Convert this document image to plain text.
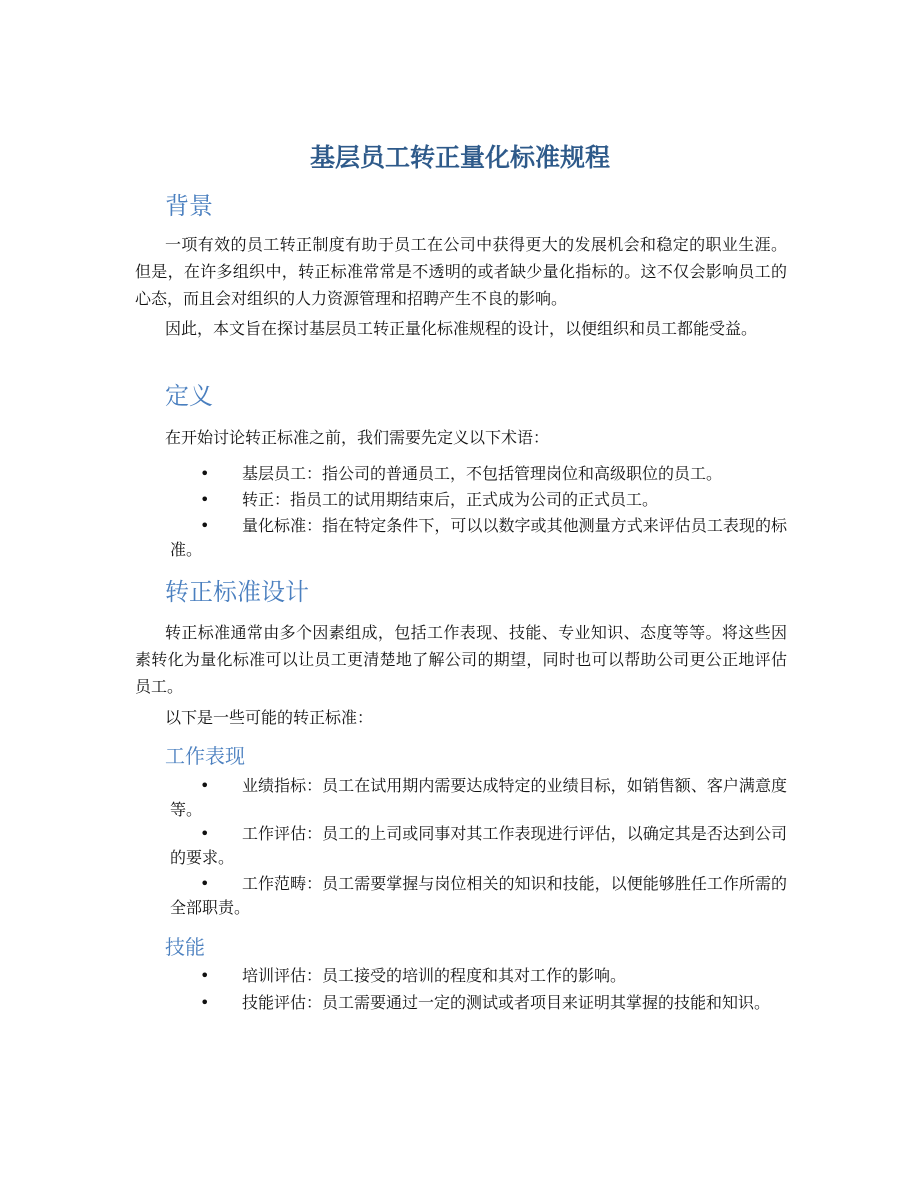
基层员工转正量化标准规程
背景

一项有效的员工转正制度有助于员工在公司中获得更大的发展机会和稳定的职业生涯。但是，在许多组织中，转正标准常常是不透明的或者缺少量化指标的。这不仅会影响员工的心态，而且会对组织的人力资源管理和招聘产生不良的影响。

因此，本文旨在探讨基层员工转正量化标准规程的设计，以便组织和员工都能受益。

定义

在开始讨论转正标准之前，我们需要先定义以下术语：

•	基层员工：指公司的普通员工，不包括管理岗位和高级职位的员工。
•	转正：指员工的试用期结束后，正式成为公司的正式员工。
•	量化标准：指在特定条件下，可以以数字或其他测量方式来评估员工表现的标准。
转正标准设计

转正标准通常由多个因素组成，包括工作表现、技能、专业知识、态度等等。将这些因素转化为量化标准可以让员工更清楚地了解公司的期望，同时也可以帮助公司更公正地评估员工。

以下是一些可能的转正标准：

工作表现
•	业绩指标：员工在试用期内需要达成特定的业绩目标，如销售额、客户满意度等。
•	工作评估：员工的上司或同事对其工作表现进行评估，以确定其是否达到公司的要求。
•	工作范畴：员工需要掌握与岗位相关的知识和技能，以便能够胜任工作所需的全部职责。
技能
•	培训评估：员工接受的培训的程度和其对工作的影响。
•	技能评估：员工需要通过一定的测试或者项目来证明其掌握的技能和知识。
